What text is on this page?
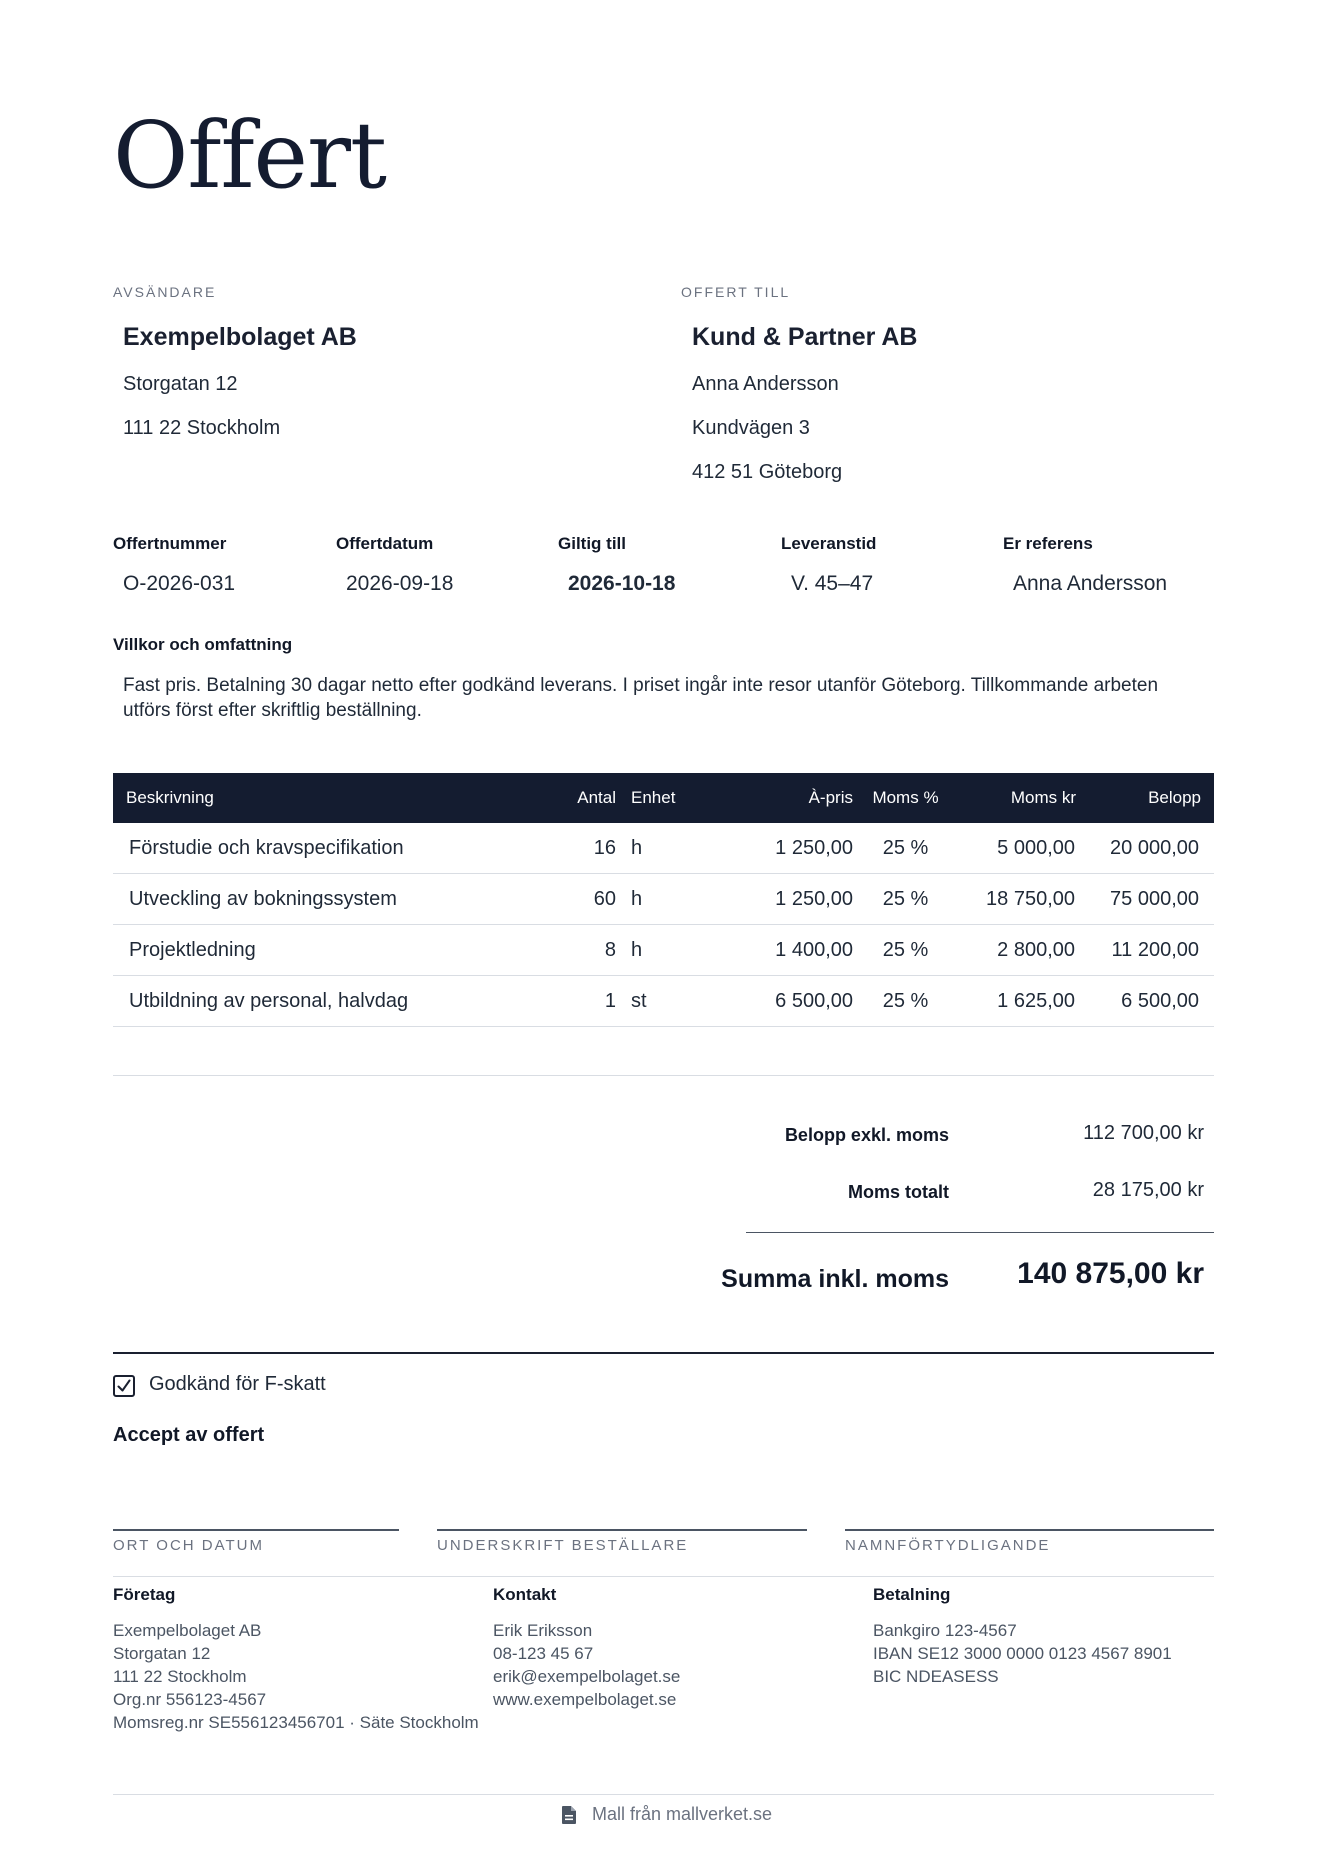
Offert
AVSÄNDARE
Exempelbolaget AB
Storgatan 12
111 22 Stockholm
OFFERT TILL
Kund & Partner AB
Anna Andersson
Kundvägen 3
412 51 Göteborg
Offertnummer
O-2026-031
Offertdatum
2026-09-18
Giltig till
2026-10-18
Leveranstid
V. 45–47
Er referens
Anna Andersson
Villkor och omfattning
Fast pris. Betalning 30 dagar netto efter godkänd leverans. I priset ingår inte resor utanför Göteborg. Tillkommande arbeten utförs först efter skriftlig beställning.
Beskrivning	Antal	Enhet	À-pris	Moms %	Moms kr	Belopp
Förstudie och kravspecifikation	16	h	1 250,00	25 %	5 000,00	20 000,00
Utveckling av bokningssystem	60	h	1 250,00	25 %	18 750,00	75 000,00
Projektledning	8	h	1 400,00	25 %	2 800,00	11 200,00
Utbildning av personal, halvdag	1	st	6 500,00	25 %	1 625,00	6 500,00
Belopp exkl. moms	112 700,00 kr
Moms totalt	28 175,00 kr
Summa inkl. moms	140 875,00 kr
Godkänd för F-skatt
Accept av offert
ORT OCH DATUM	UNDERSKRIFT BESTÄLLARE	NAMNFÖRTYDLIGANDE
Företag
Exempelbolaget AB
Storgatan 12
111 22 Stockholm
Org.nr 556123-4567
Momsreg.nr SE556123456701 · Säte Stockholm
Kontakt
Erik Eriksson
08-123 45 67
erik@exempelbolaget.se
www.exempelbolaget.se
Betalning
Bankgiro 123-4567
IBAN SE12 3000 0000 0123 4567 8901
BIC NDEASESS
Mall från mallverket.se
